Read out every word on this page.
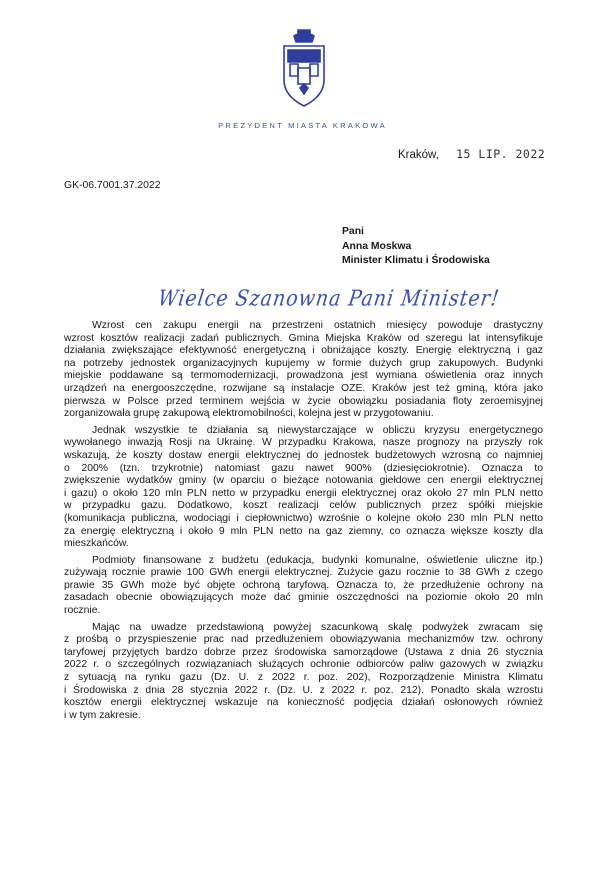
PREZYDENT MIASTA KRAKOWA
Kraków, 15 LIP. 2022
GK-06.7001.37.2022
Pani
Anna Moskwa
Minister Klimatu i Środowiska
Wielce Szanowna Pani Minister!
Wzrost cen zakupu energii na przestrzeni ostatnich miesięcy powoduje drastyczny
wzrost kosztów realizacji zadań publicznych. Gmina Miejska Kraków od szeregu lat intensyfikuje
działania zwiększające efektywność energetyczną i obniżające koszty. Energię elektryczną i gaz
na potrzeby jednostek organizacyjnych kupujemy w formie dużych grup zakupowych. Budynki
miejskie poddawane są termomodernizacji, prowadzona jest wymiana oświetlenia oraz innych
urządzeń na energooszczędne, rozwijane są instalacje OZE. Kraków jest też gminą, która jako
pierwsza w Polsce przed terminem wejścia w życie obowiązku posiadania floty zeroemisyjnej
zorganizowała grupę zakupową elektromobilności, kolejna jest w przygotowaniu.
Jednak wszystkie te działania są niewystarczające w obliczu kryzysu energetycznego
wywołanego inwazją Rosji na Ukrainę. W przypadku Krakowa, nasze prognozy na przyszły rok
wskazują, że koszty dostaw energii elektrycznej do jednostek budżetowych wzrosną co najmniej
o 200% (tzn. trzykrotnie) natomiast gazu nawet 900% (dziesięciokrotnie). Oznacza to
zwiększenie wydatków gminy (w oparciu o bieżące notowania giełdowe cen energii elektrycznej
i gazu) o około 120 mln PLN netto w przypadku energii elektrycznej oraz około 27 mln PLN netto
w przypadku gazu. Dodatkowo, koszt realizacji celów publicznych przez spółki miejskie
(komunikacja publiczna, wodociągi i ciepłownictwo) wzrośnie o kolejne około 230 mln PLN netto
za energię elektryczną i około 9 mln PLN netto na gaz ziemny, co oznacza większe koszty dla
mieszkańców.
Podmioty finansowane z budżetu (edukacja, budynki komunalne, oświetlenie uliczne itp.)
zużywają rocznie prawie 100 GWh energii elektrycznej. Zużycie gazu rocznie to 38 GWh z czego
prawie 35 GWh może być objęte ochroną taryfową. Oznacza to, że przedłużenie ochrony na
zasadach obecnie obowiązujących może dać gminie oszczędności na poziomie około 20 mln
rocznie.
Mając na uwadze przedstawioną powyżej szacunkową skalę podwyżek zwracam się
z prośbą o przyspieszenie prac nad przedłużeniem obowiązywania mechanizmów tzw. ochrony
taryfowej przyjętych bardzo dobrze przez środowiska samorządowe (Ustawa z dnia 26 stycznia
2022 r. o szczególnych rozwiązaniach służących ochronie odbiorców paliw gazowych w związku
z sytuacją na rynku gazu (Dz. U. z 2022 r. poz. 202), Rozporządzenie Ministra Klimatu
i Środowiska z dnia 28 stycznia 2022 r. (Dz. U. z 2022 r. poz. 212). Ponadto skala wzrostu
kosztów energii elektrycznej wskazuje na konieczność podjęcia działań osłonowych również
i w tym zakresie.
